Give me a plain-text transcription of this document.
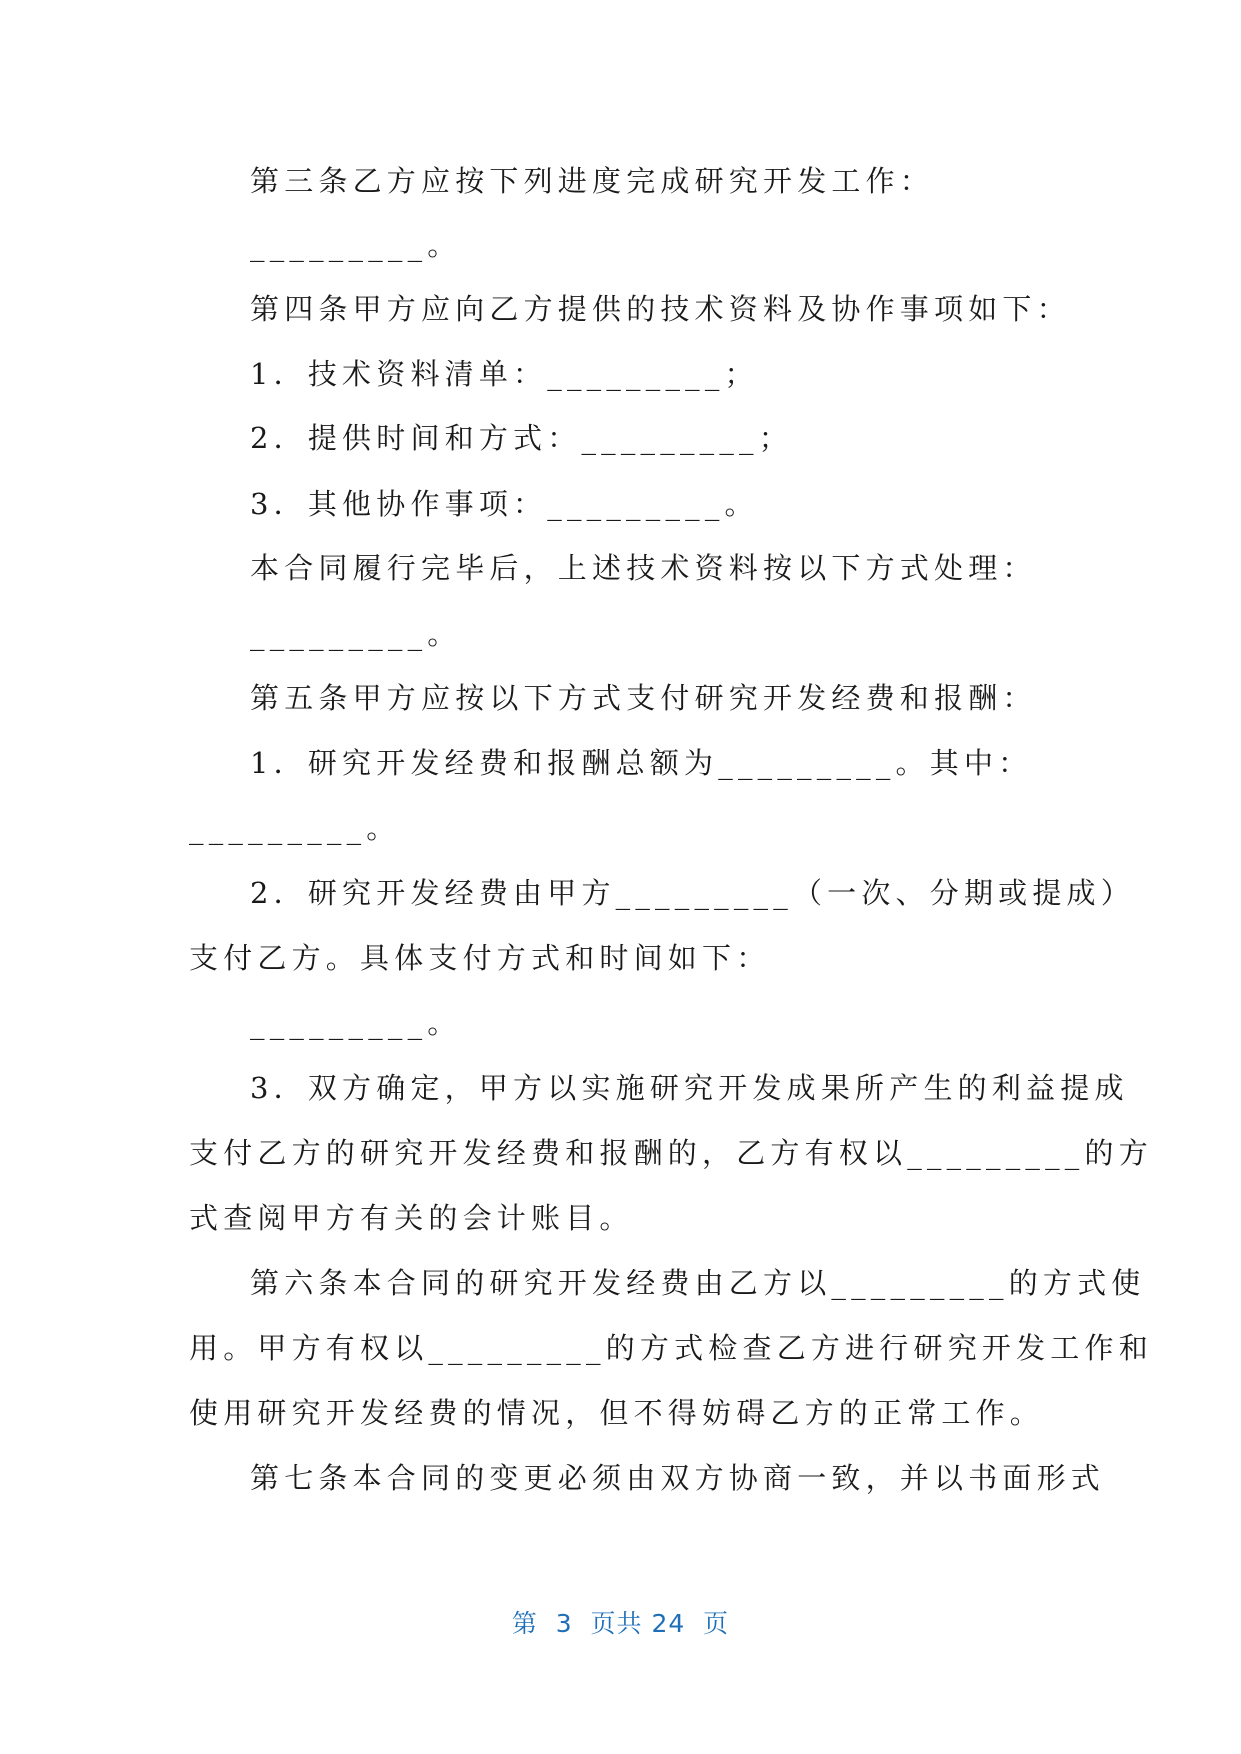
第三条乙方应按下列进度完成研究开发工作：
_________。
第四条甲方应向乙方提供的技术资料及协作事项如下：
1．技术资料清单：_________；
2．提供时间和方式：_________；
3．其他协作事项：_________。
本合同履行完毕后，上述技术资料按以下方式处理：
_________。
第五条甲方应按以下方式支付研究开发经费和报酬：
1．研究开发经费和报酬总额为_________。其中：
_________。
2．研究开发经费由甲方_________（一次、分期或提成）
支付乙方。具体支付方式和时间如下：
_________。
3．双方确定，甲方以实施研究开发成果所产生的利益提成
支付乙方的研究开发经费和报酬的，乙方有权以_________的方
式查阅甲方有关的会计账目。
第六条本合同的研究开发经费由乙方以_________的方式使
用。甲方有权以_________的方式检查乙方进行研究开发工作和
使用研究开发经费的情况，但不得妨碍乙方的正常工作。
第七条本合同的变更必须由双方协商一致，并以书面形式
第  3  页共 24  页
